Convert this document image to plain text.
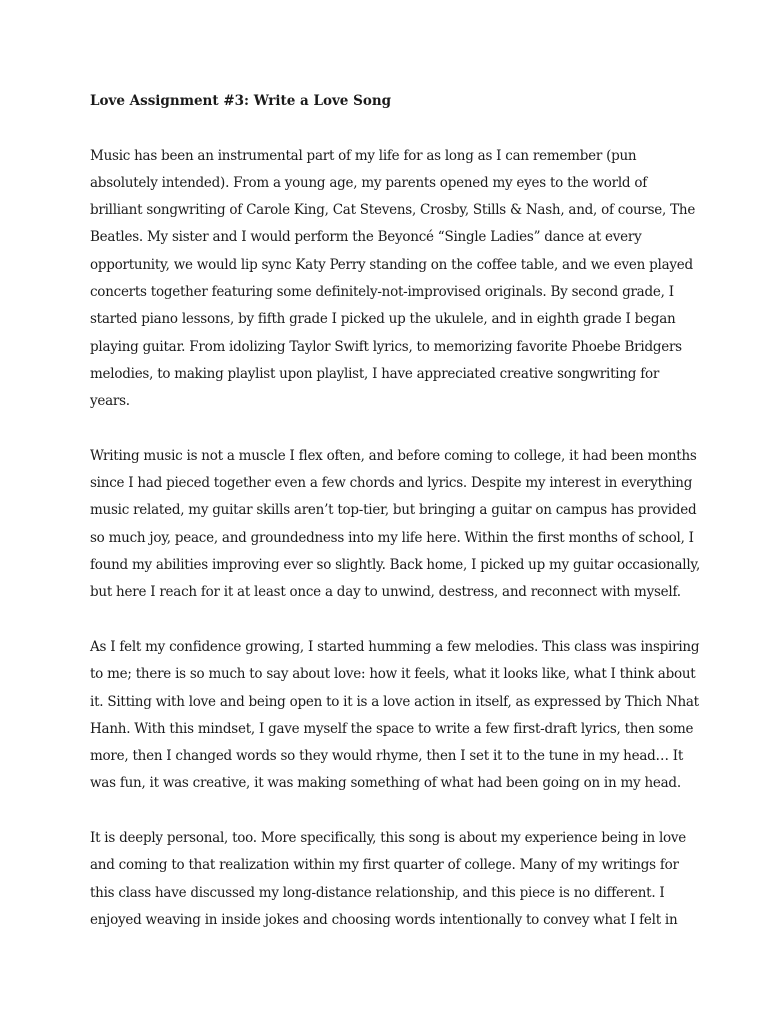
Love Assignment #3: Write a Love Song
Music has been an instrumental part of my life for as long as I can remember (pun
absolutely intended). From a young age, my parents opened my eyes to the world of
brilliant songwriting of Carole King, Cat Stevens, Crosby, Stills & Nash, and, of course, The
Beatles. My sister and I would perform the Beyoncé “Single Ladies” dance at every
opportunity, we would lip sync Katy Perry standing on the coffee table, and we even played
concerts together featuring some definitely-not-improvised originals. By second grade, I
started piano lessons, by fifth grade I picked up the ukulele, and in eighth grade I began
playing guitar. From idolizing Taylor Swift lyrics, to memorizing favorite Phoebe Bridgers
melodies, to making playlist upon playlist, I have appreciated creative songwriting for
years.
Writing music is not a muscle I flex often, and before coming to college, it had been months
since I had pieced together even a few chords and lyrics. Despite my interest in everything
music related, my guitar skills aren’t top-tier, but bringing a guitar on campus has provided
so much joy, peace, and groundedness into my life here. Within the first months of school, I
found my abilities improving ever so slightly. Back home, I picked up my guitar occasionally,
but here I reach for it at least once a day to unwind, destress, and reconnect with myself.
As I felt my confidence growing, I started humming a few melodies. This class was inspiring
to me; there is so much to say about love: how it feels, what it looks like, what I think about
it. Sitting with love and being open to it is a love action in itself, as expressed by Thich Nhat
Hanh. With this mindset, I gave myself the space to write a few first-draft lyrics, then some
more, then I changed words so they would rhyme, then I set it to the tune in my head… It
was fun, it was creative, it was making something of what had been going on in my head.
It is deeply personal, too. More specifically, this song is about my experience being in love
and coming to that realization within my first quarter of college. Many of my writings for
this class have discussed my long-distance relationship, and this piece is no different. I
enjoyed weaving in inside jokes and choosing words intentionally to convey what I felt in
